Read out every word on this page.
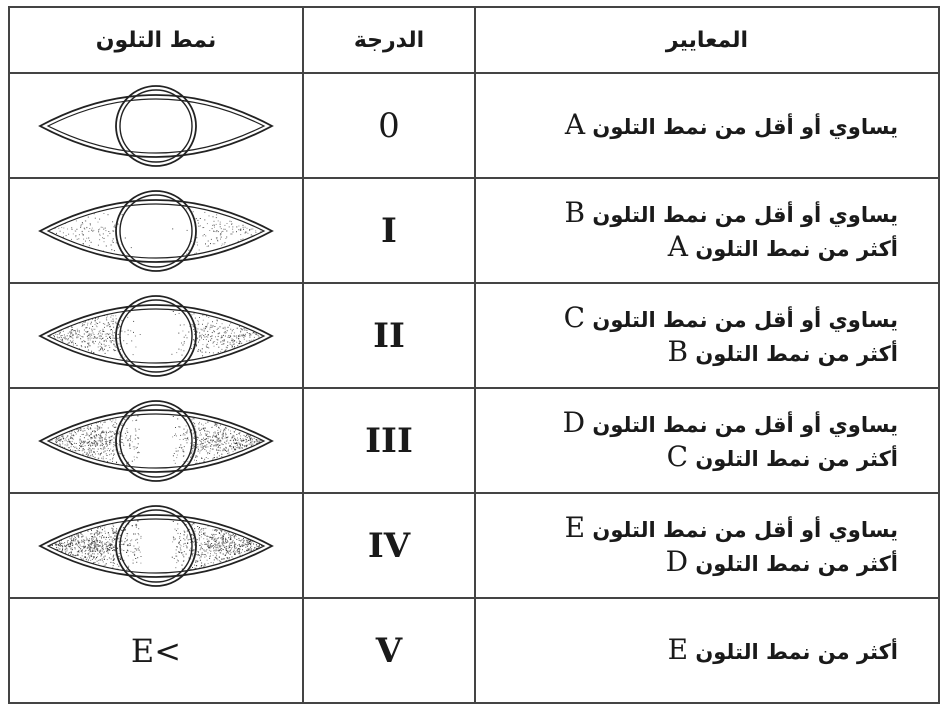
نمط التلون	الدرجة	المعايير

	0	يساوي أو أقل من نمط التلون A

	I	يساوي أو أقل من نمط التلون B
أكثر من نمط التلون A

	II	يساوي أو أقل من نمط التلون C
أكثر من نمط التلون B

	III	يساوي أو أقل من نمط التلون D
أكثر من نمط التلون C

	IV	يساوي أو أقل من نمط التلون E
أكثر من نمط التلون D

E<	V	أكثر من نمط التلون E
